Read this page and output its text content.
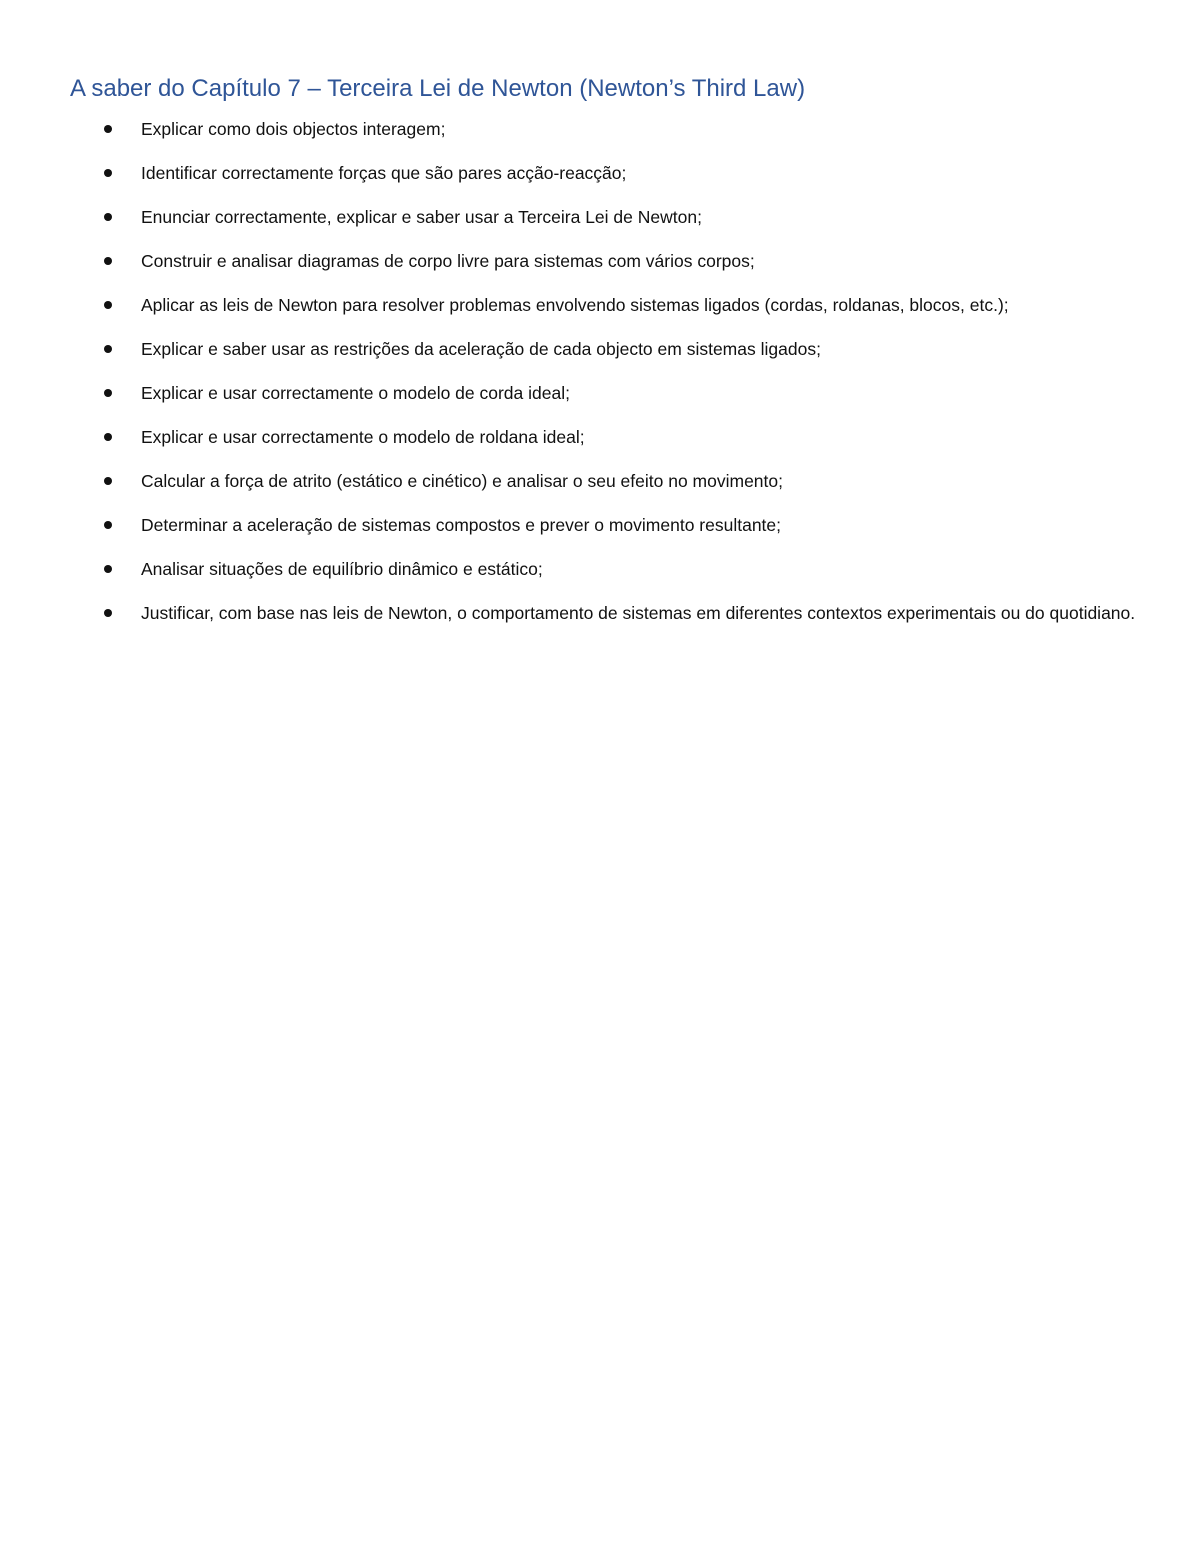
A saber do Capítulo 7 – Terceira Lei de Newton (Newton’s Third Law)
Explicar como dois objectos interagem;
Identificar correctamente forças que são pares acção-reacção;
Enunciar correctamente, explicar e saber usar a Terceira Lei de Newton;
Construir e analisar diagramas de corpo livre para sistemas com vários corpos;
Aplicar as leis de Newton para resolver problemas envolvendo sistemas ligados (cordas, roldanas, blocos, etc.);
Explicar e saber usar as restrições da aceleração de cada objecto em sistemas ligados;
Explicar e usar correctamente o modelo de corda ideal;
Explicar e usar correctamente o modelo de roldana ideal;
Calcular a força de atrito (estático e cinético) e analisar o seu efeito no movimento;
Determinar a aceleração de sistemas compostos e prever o movimento resultante;
Analisar situações de equilíbrio dinâmico e estático;
Justificar, com base nas leis de Newton, o comportamento de sistemas em diferentes contextos experimentais ou do quotidiano.
